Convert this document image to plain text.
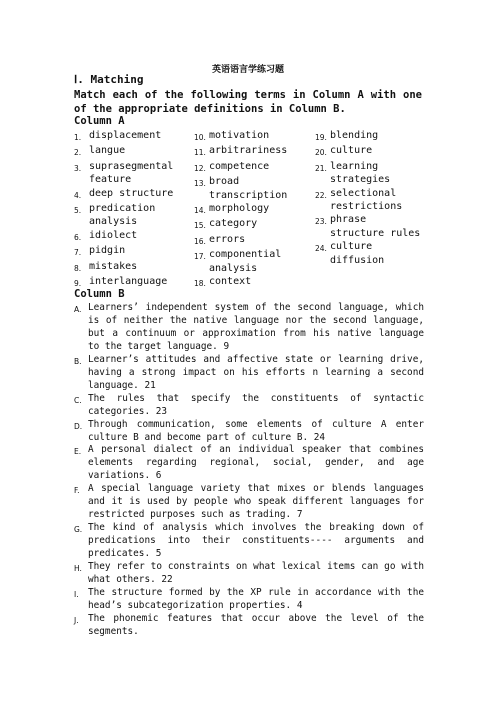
英语语言学练习题
Ⅰ. Matching
Match each of the following terms in Column A with one of the appropriate definitions in Column B.
Column A
1. displacement
2. langue
3. suprasegmental feature
4. deep structure
5. predication analysis
6. idiolect
7. pidgin
8. mistakes
9. interlanguage
10. motivation
11. arbitrariness
12. competence
13. broad transcription
14. morphology
15. category
16. errors
17. componential analysis
18. context
19. blending
20. culture
21. learning strategies
22. selectional restrictions
23. phrase structure rules
24. culture diffusion
Column B
A. Learners’ independent system of the second language, which is of neither the native language nor the second language, but a continuum or approximation from his native language to the target language. 9
B. Learner’s attitudes and affective state or learning drive, having a strong impact on his efforts n learning a second language. 21
C. The rules that specify the constituents of syntactic categories. 23
D. Through communication, some elements of culture A enter culture B and become part of culture B. 24
E. A personal dialect of an individual speaker that combines elements regarding regional, social, gender, and age variations. 6
F. A special language variety that mixes or blends languages and it is used by people who speak different languages for restricted purposes such as trading. 7
G. The kind of analysis which involves the breaking down of predications into their constituents---- arguments and predicates. 5
H. They refer to constraints on what lexical items can go with what others. 22
I. The structure formed by the XP rule in accordance with the head’s subcategorization properties. 4
J. The phonemic features that occur above the level of the segments.
